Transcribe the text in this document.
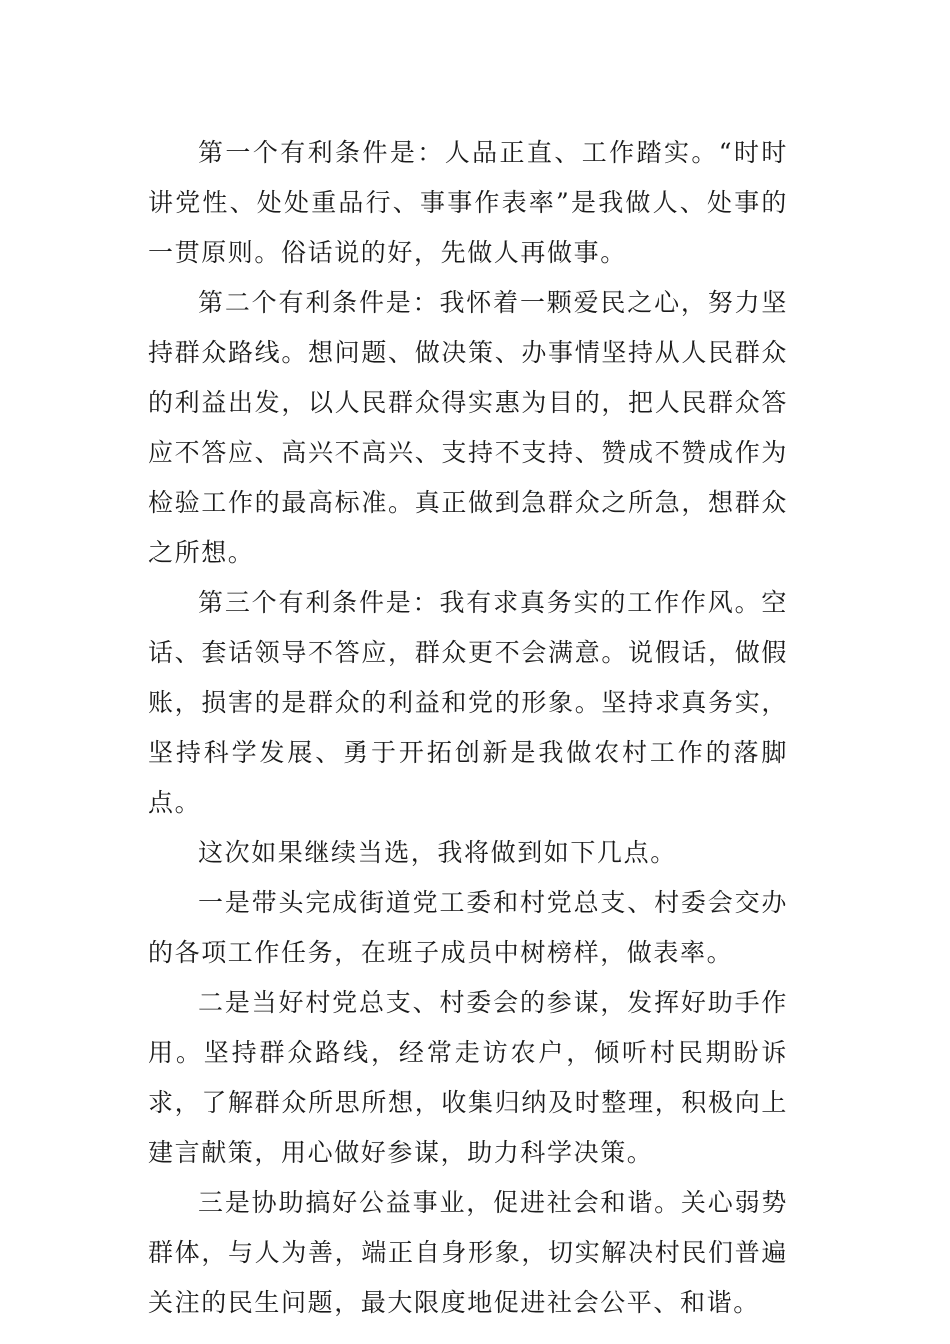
第一个有利条件是：人品正直、工作踏实。“时时讲党性、处处重品行、事事作表率”是我做人、处事的一贯原则。俗话说的好，先做人再做事。

第二个有利条件是：我怀着一颗爱民之心，努力坚持群众路线。想问题、做决策、办事情坚持从人民群众的利益出发，以人民群众得实惠为目的，把人民群众答应不答应、高兴不高兴、支持不支持、赞成不赞成作为检验工作的最高标准。真正做到急群众之所急，想群众之所想。

第三个有利条件是：我有求真务实的工作作风。空话、套话领导不答应，群众更不会满意。说假话，做假账，损害的是群众的利益和党的形象。坚持求真务实，坚持科学发展、勇于开拓创新是我做农村工作的落脚点。

这次如果继续当选，我将做到如下几点。

一是带头完成街道党工委和村党总支、村委会交办的各项工作任务，在班子成员中树榜样，做表率。

二是当好村党总支、村委会的参谋，发挥好助手作用。坚持群众路线，经常走访农户，倾听村民期盼诉求，了解群众所思所想，收集归纳及时整理，积极向上建言献策，用心做好参谋，助力科学决策。

三是协助搞好公益事业，促进社会和谐。关心弱势群体，与人为善，端正自身形象，切实解决村民们普遍关注的民生问题，最大限度地促进社会公平、和谐。
